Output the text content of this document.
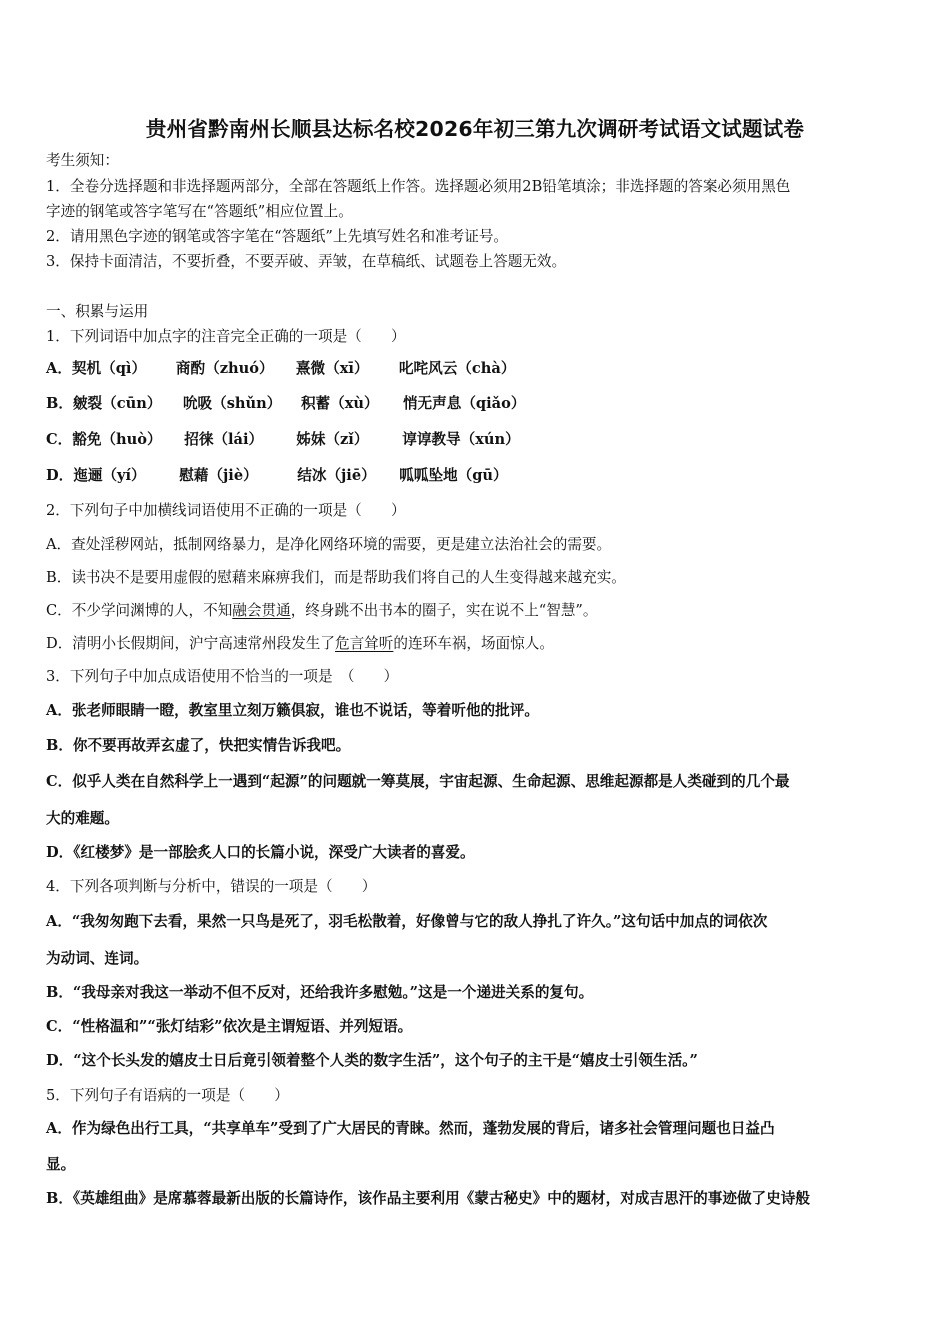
贵州省黔南州长顺县达标名校2026年初三第九次调研考试语文试题试卷
考生须知：
1．全卷分选择题和非选择题两部分，全部在答题纸上作答。选择题必须用2B铅笔填涂；非选择题的答案必须用黑色
字迹的钢笔或答字笔写在“答题纸”相应位置上。
2．请用黑色字迹的钢笔或答字笔在“答题纸”上先填写姓名和准考证号。
3．保持卡面清洁，不要折叠，不要弄破、弄皱，在草稿纸、试题卷上答题无效。
一、积累与运用
1．下列词语中加点字的注音完全正确的一项是（　　）
A．契机（qì） 商酌（zhuó） 熹微（xī） 叱咤风云（chà）
B．皴裂（cūn） 吮吸（shǔn） 积蓄（xù） 悄无声息（qiǎo）
C．豁免（huò） 招徕（lái） 姊妹（zǐ） 谆谆教导（xún）
D．迤逦（yí） 慰藉（jiè）	结冰（jiē） 呱呱坠地（gū）
2．下列句子中加横线词语使用不正确的一项是（　　）
A．查处淫秽网站，抵制网络暴力，是净化网络环境的需要，更是建立法治社会的需要。
B．读书决不是要用虚假的慰藉来麻痹我们，而是帮助我们将自己的人生变得越来越充实。
C．不少学问渊博的人，不知融会贯通，终身跳不出书本的圈子，实在说不上“智慧”。
D．清明小长假期间，沪宁高速常州段发生了危言耸听的连环车祸，场面惊人。
3．下列句子中加点成语使用不恰当的一项是　（　　）
A．张老师眼睛一瞪，教室里立刻万籁俱寂，谁也不说话，等着听他的批评。
B．你不要再故弄玄虚了，快把实情告诉我吧。
C．似乎人类在自然科学上一遇到“起源”的问题就一筹莫展，宇宙起源、生命起源、思维起源都是人类碰到的几个最
大的难题。
D．《红楼梦》是一部脍炙人口的长篇小说，深受广大读者的喜爱。
4．下列各项判断与分析中，错误的一项是（　　）
A．“我匆匆跑下去看，果然一只鸟是死了，羽毛松散着，好像曾与它的敌人挣扎了许久。”这句话中加点的词依次
为动词、连词。
B．“我母亲对我这一举动不但不反对，还给我许多慰勉。”这是一个递进关系的复句。
C．“性格温和”“张灯结彩”依次是主谓短语、并列短语。
D．“这个长头发的嬉皮士日后竟引领着整个人类的数字生活”，这个句子的主干是“嬉皮士引领生活。”
5．下列句子有语病的一项是（　　）
A．作为绿色出行工具，“共享单车”受到了广大居民的青睐。然而，蓬勃发展的背后，诸多社会管理问题也日益凸
显。
B．《英雄组曲》是席慕蓉最新出版的长篇诗作，该作品主要利用《蒙古秘史》中的题材，对成吉思汗的事迹做了史诗般
